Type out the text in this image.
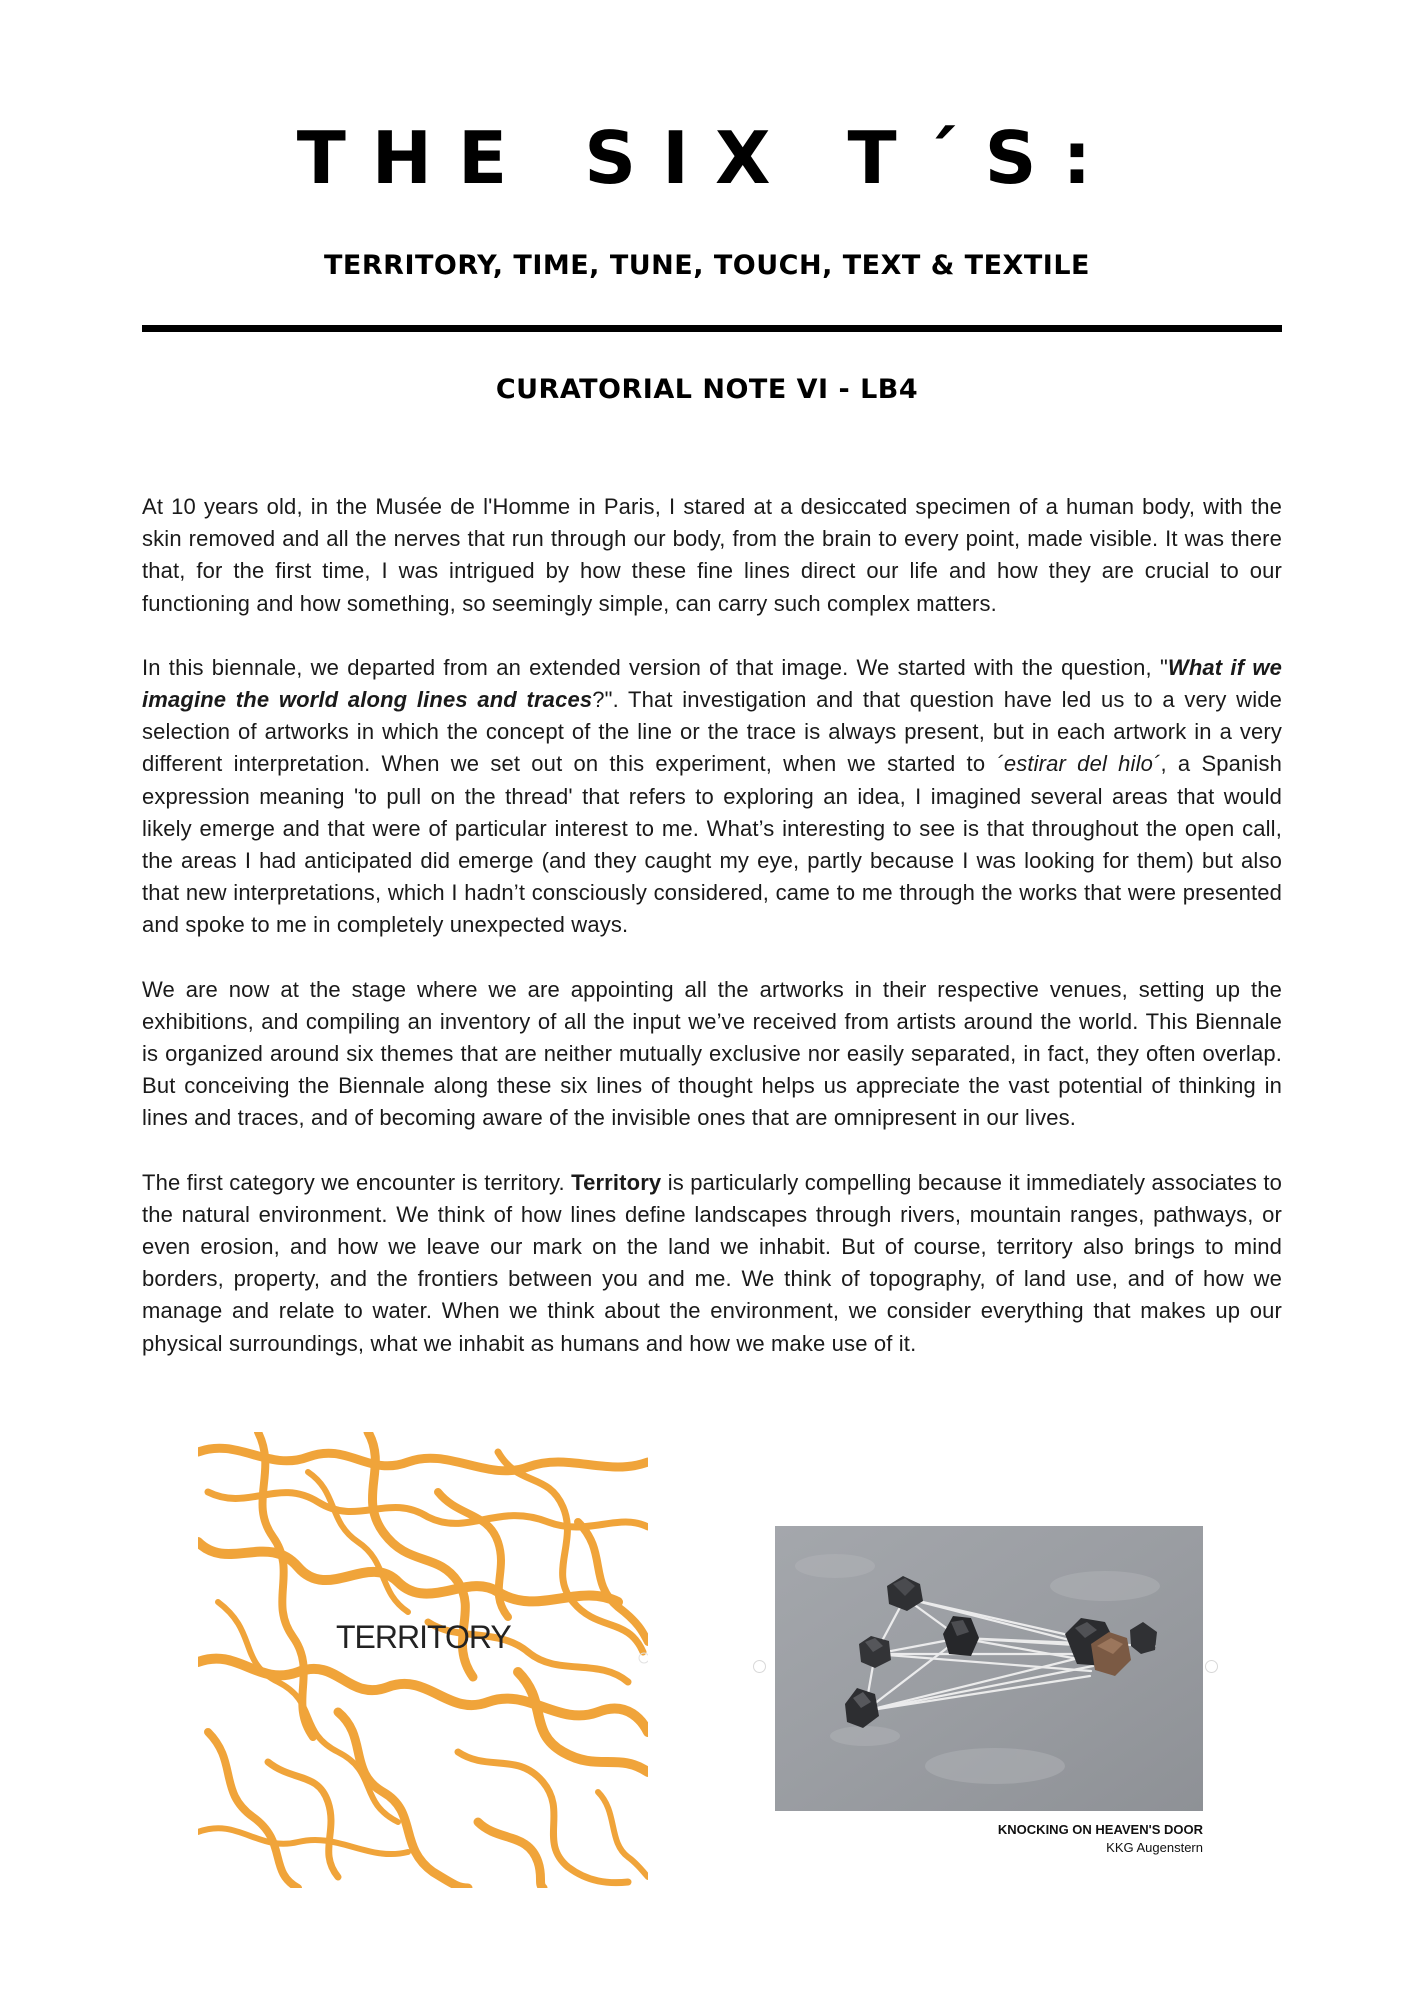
THE SIX T´S:
TERRITORY, TIME, TUNE, TOUCH, TEXT & TEXTILE
CURATORIAL NOTE VI - LB4

At 10 years old, in the Musée de l'Homme in Paris, I stared at a desiccated specimen of a human body, with the skin removed and all the nerves that run through our body, from the brain to every point, made visible. It was there that, for the first time, I was intrigued by how these fine lines direct our life and how they are crucial to our functioning and how something, so seemingly simple, can carry such complex matters.

In this biennale, we departed from an extended version of that image. We started with the question, "What if we imagine the world along lines and traces?". That investigation and that question have led us to a very wide selection of artworks in which the concept of the line or the trace is always present, but in each artwork in a very different interpretation. When we set out on this experiment, when we started to ´estirar del hilo´, a Spanish expression meaning 'to pull on the thread' that refers to exploring an idea, I imagined several areas that would likely emerge and that were of particular interest to me. What’s interesting to see is that throughout the open call, the areas I had anticipated did emerge (and they caught my eye, partly because I was looking for them) but also that new interpretations, which I hadn’t consciously considered, came to me through the works that were presented and spoke to me in completely unexpected ways.

We are now at the stage where we are appointing all the artworks in their respective venues, setting up the exhibitions, and compiling an inventory of all the input we’ve received from artists around the world. This Biennale is organized around six themes that are neither mutually exclusive nor easily separated, in fact, they often overlap. But conceiving the Biennale along these six lines of thought helps us appreciate the vast potential of thinking in lines and traces, and of becoming aware of the invisible ones that are omnipresent in our lives.

The first category we encounter is territory. Territory is particularly compelling because it immediately associates to the natural environment. We think of how lines define landscapes through rivers, mountain ranges, pathways, or even erosion, and how we leave our mark on the land we inhabit. But of course, territory also brings to mind borders, property, and the frontiers between you and me. We think of topography, of land use, and of how we manage and relate to water. When we think about the environment, we consider everything that makes up our physical surroundings, what we inhabit as humans and how we make use of it.

TERRITORY
KNOCKING ON HEAVEN'S DOOR
KKG Augenstern
